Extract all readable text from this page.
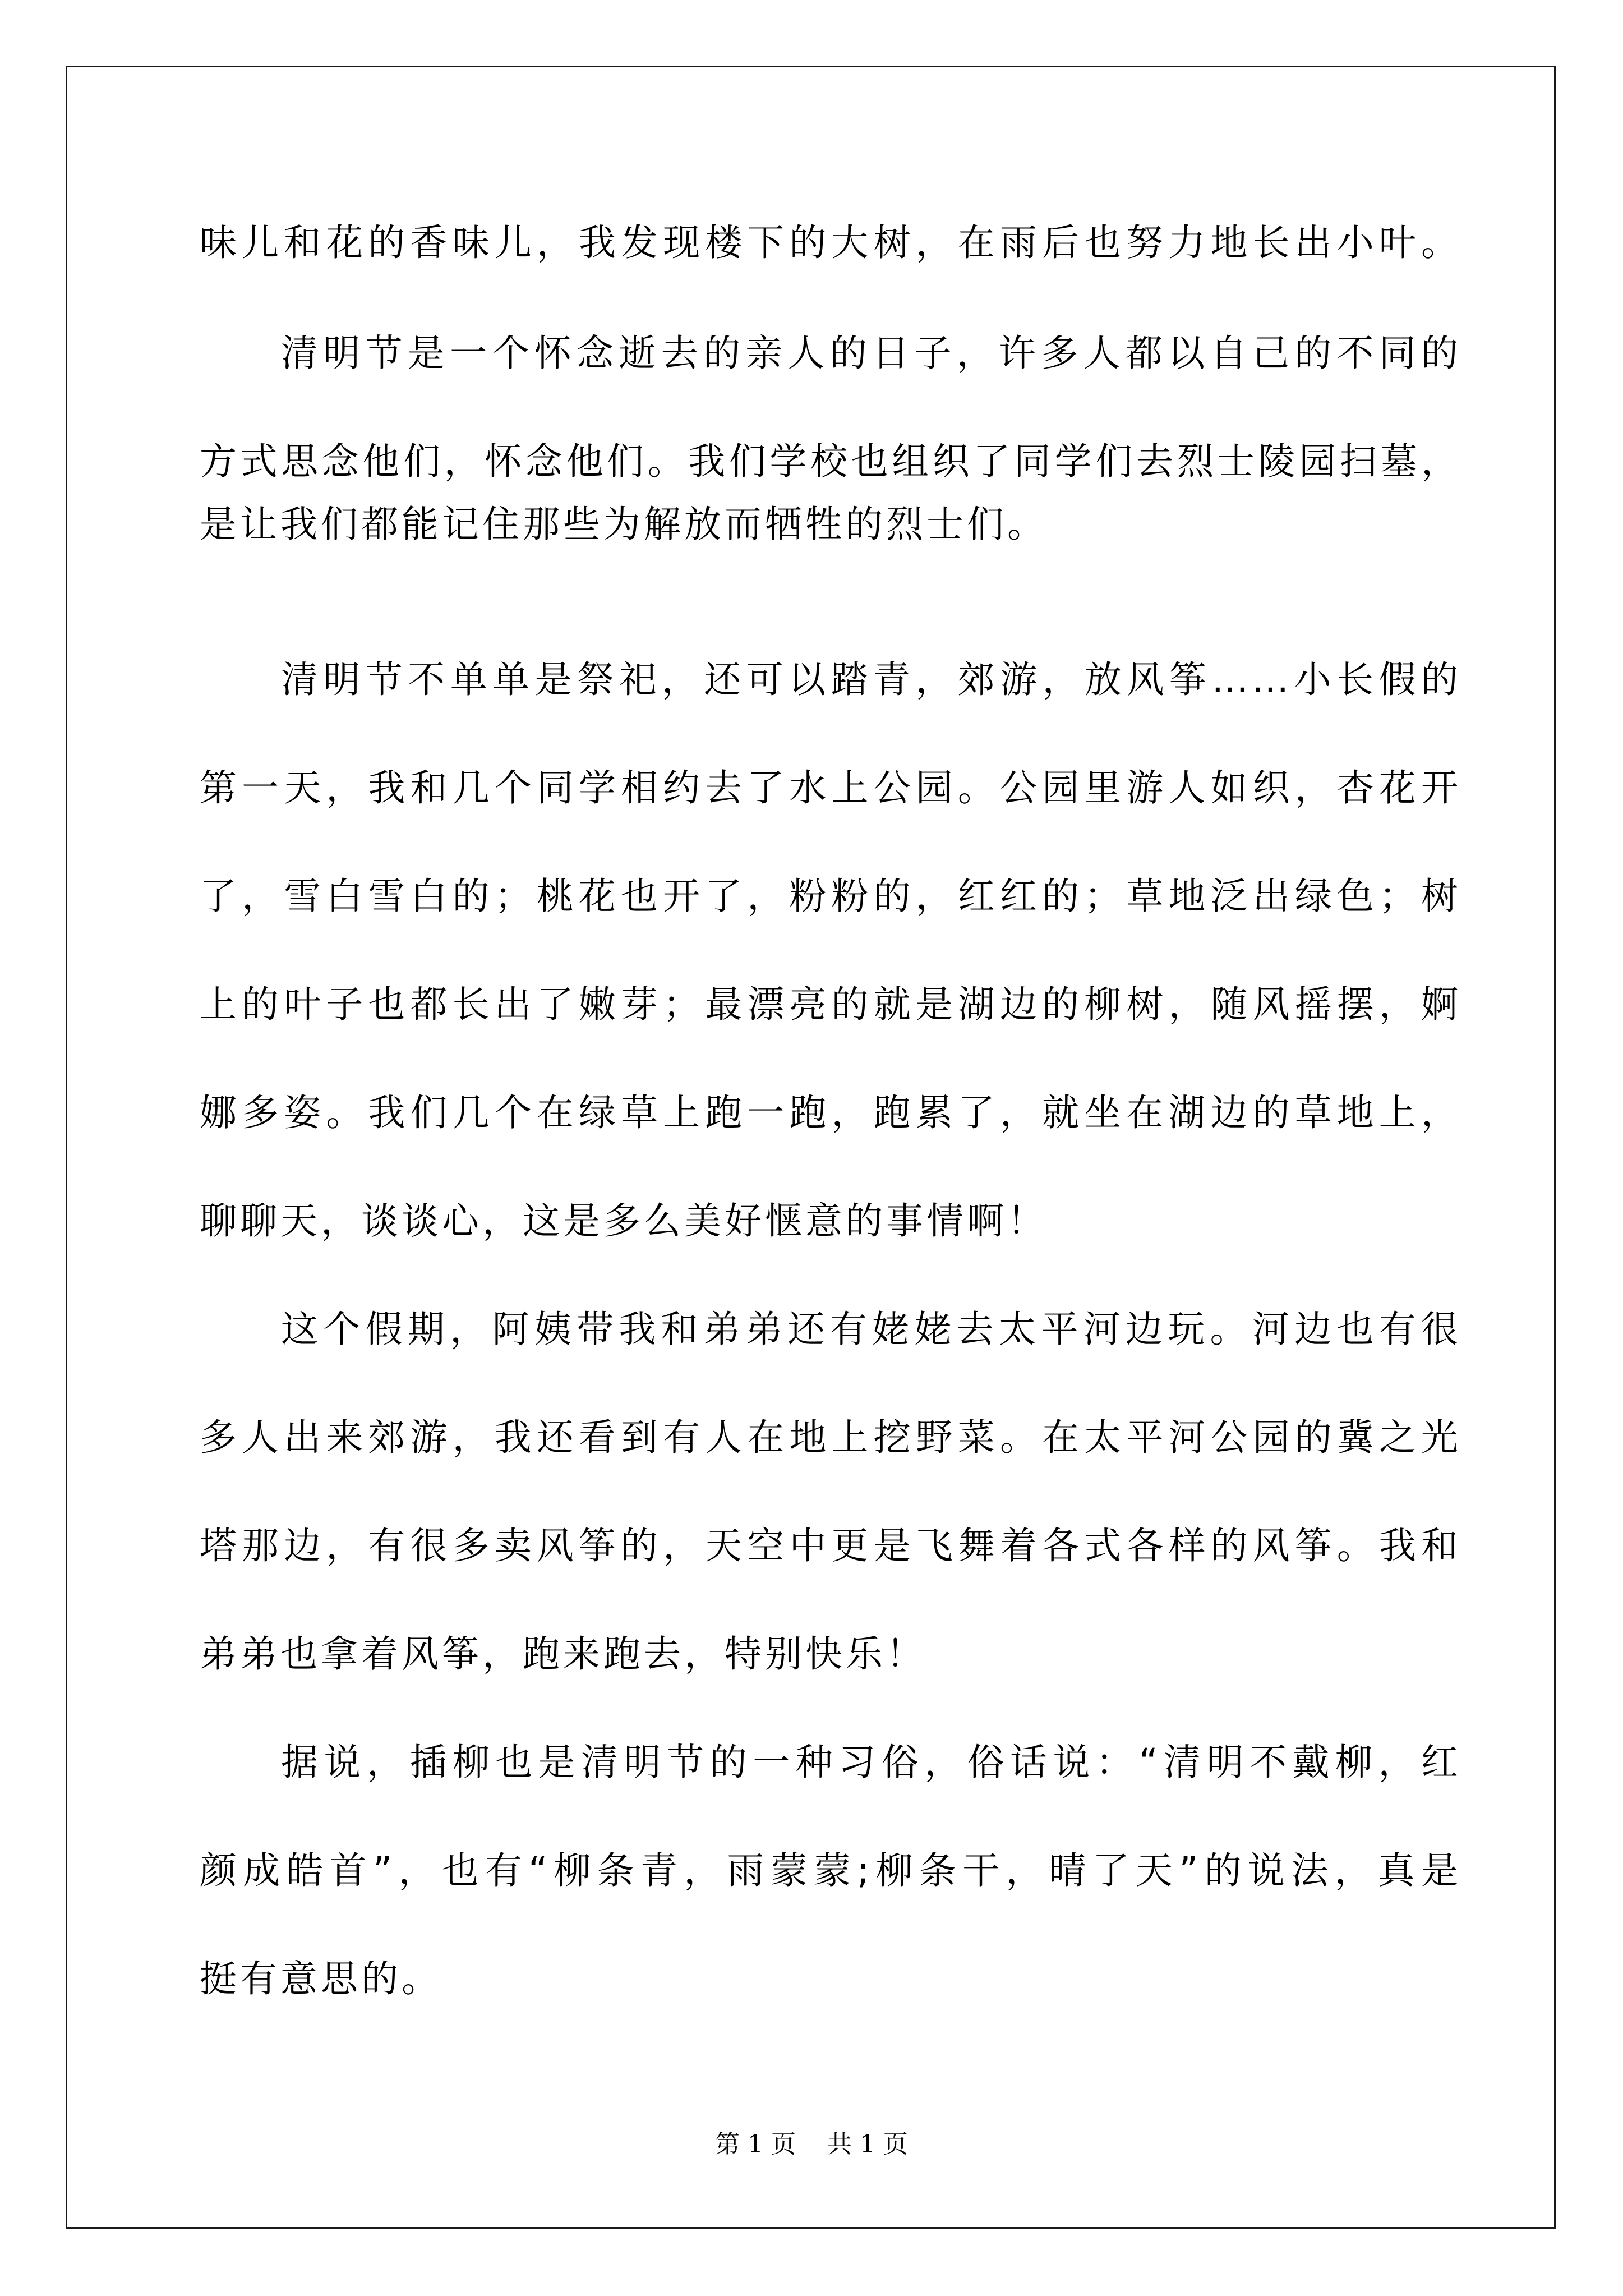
味儿和花的香味儿，我发现楼下的大树，在雨后也努力地长出小叶。
清明节是一个怀念逝去的亲人的日子，许多人都以自己的不同的
方式思念他们，怀念他们。我们学校也组织了同学们去烈士陵园扫墓，
是让我们都能记住那些为解放而牺牲的烈士们。
清明节不单单是祭祀，还可以踏青，郊游，放风筝……小长假的
第一天，我和几个同学相约去了水上公园。公园里游人如织，杏花开
了，雪白雪白的；桃花也开了，粉粉的，红红的；草地泛出绿色；树
上的叶子也都长出了嫩芽；最漂亮的就是湖边的柳树，随风摇摆，婀
娜多姿。我们几个在绿草上跑一跑，跑累了，就坐在湖边的草地上，
聊聊天，谈谈心，这是多么美好惬意的事情啊！
这个假期，阿姨带我和弟弟还有姥姥去太平河边玩。河边也有很
多人出来郊游，我还看到有人在地上挖野菜。在太平河公园的冀之光
塔那边，有很多卖风筝的，天空中更是飞舞着各式各样的风筝。我和
弟弟也拿着风筝，跑来跑去，特别快乐！
据说，插柳也是清明节的一种习俗，俗话说：“清明不戴柳，红
颜成皓首”，也有“柳条青，雨蒙蒙;柳条干，晴了天”的说法，真是
挺有意思的。
第 1 页    共 1 页
